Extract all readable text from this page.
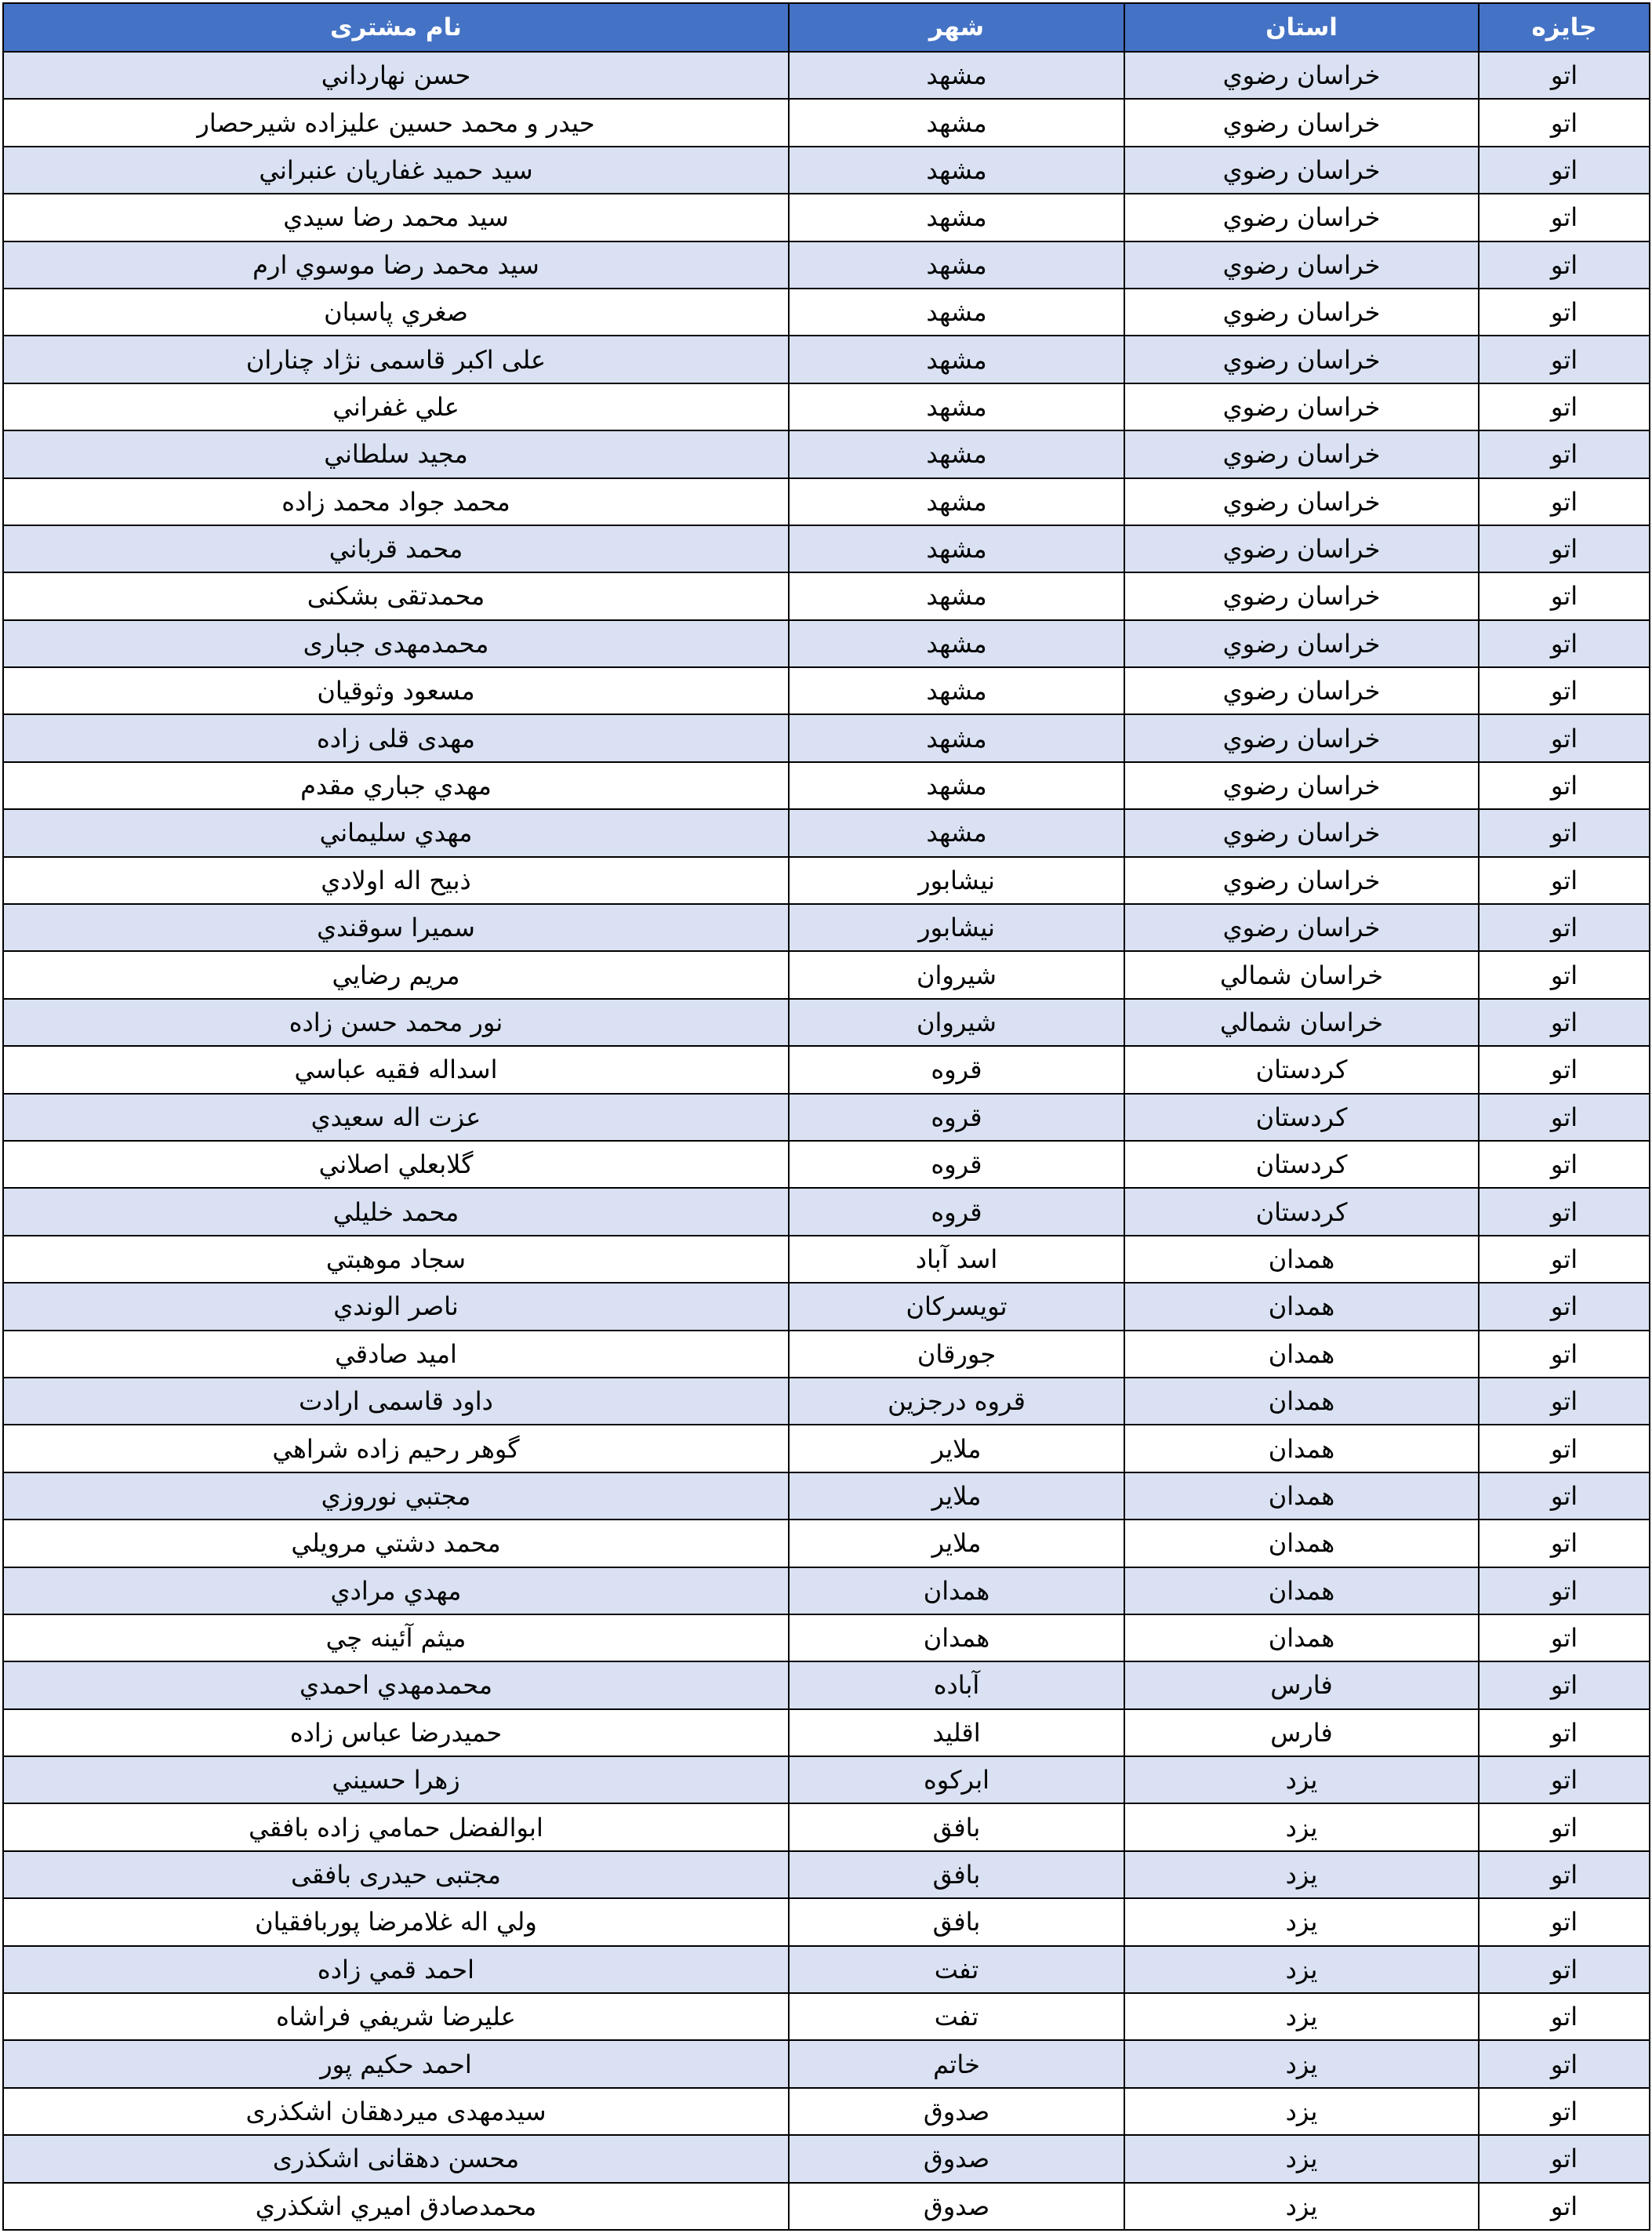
جایزه	استان	شهر	نام مشتری
اتو	خراسان رضوي	مشهد	حسن نهارداني
اتو	خراسان رضوي	مشهد	حيدر و محمد حسين عليزاده شيرحصار
اتو	خراسان رضوي	مشهد	سيد حميد غفاريان عنبراني
اتو	خراسان رضوي	مشهد	سيد محمد رضا سيدي
اتو	خراسان رضوي	مشهد	سيد محمد رضا موسوي ارم
اتو	خراسان رضوي	مشهد	صغري پاسبان
اتو	خراسان رضوي	مشهد	علی اکبر قاسمی نژاد چناران
اتو	خراسان رضوي	مشهد	علي غفراني
اتو	خراسان رضوي	مشهد	مجيد سلطاني
اتو	خراسان رضوي	مشهد	محمد جواد محمد زاده
اتو	خراسان رضوي	مشهد	محمد قرباني
اتو	خراسان رضوي	مشهد	محمدتقی بشکنی
اتو	خراسان رضوي	مشهد	محمدمهدی جباری
اتو	خراسان رضوي	مشهد	مسعود وثوقيان
اتو	خراسان رضوي	مشهد	مهدی قلی زاده
اتو	خراسان رضوي	مشهد	مهدي جباري مقدم
اتو	خراسان رضوي	مشهد	مهدي سليماني
اتو	خراسان رضوي	نيشابور	ذبيح اله اولادي
اتو	خراسان رضوي	نيشابور	سميرا سوقندي
اتو	خراسان شمالي	شيروان	مريم رضايي
اتو	خراسان شمالي	شيروان	نور محمد حسن زاده
اتو	کردستان	قروه	اسداله فقيه عباسي
اتو	کردستان	قروه	عزت اله سعيدي
اتو	کردستان	قروه	گلابعلي اصلاني
اتو	کردستان	قروه	محمد خليلي
اتو	همدان	اسد آباد	سجاد موهبتي
اتو	همدان	تويسرکان	ناصر الوندي
اتو	همدان	جورقان	اميد صادقي
اتو	همدان	قروه درجزين	داود قاسمی ارادت
اتو	همدان	ملاير	گوهر رحيم زاده شراهي
اتو	همدان	ملاير	مجتبي نوروزي
اتو	همدان	ملاير	محمد دشتي مرويلي
اتو	همدان	همدان	مهدي مرادي
اتو	همدان	همدان	ميثم آئينه چي
اتو	فارس	آباده	محمدمهدي احمدي
اتو	فارس	اقليد	حميدرضا عباس زاده
اتو	يزد	ابرکوه	زهرا حسيني
اتو	يزد	بافق	ابوالفضل حمامي زاده بافقي
اتو	يزد	بافق	مجتبی حيدری بافقی
اتو	يزد	بافق	ولي اله غلامرضا پوربافقيان
اتو	يزد	تفت	احمد قمي زاده
اتو	يزد	تفت	عليرضا شريفي فراشاه
اتو	يزد	خاتم	احمد حکيم پور
اتو	يزد	صدوق	سيدمهدی ميردهقان اشکذری
اتو	يزد	صدوق	محسن دهقانی اشکذری
اتو	يزد	صدوق	محمدصادق اميري اشكذري
